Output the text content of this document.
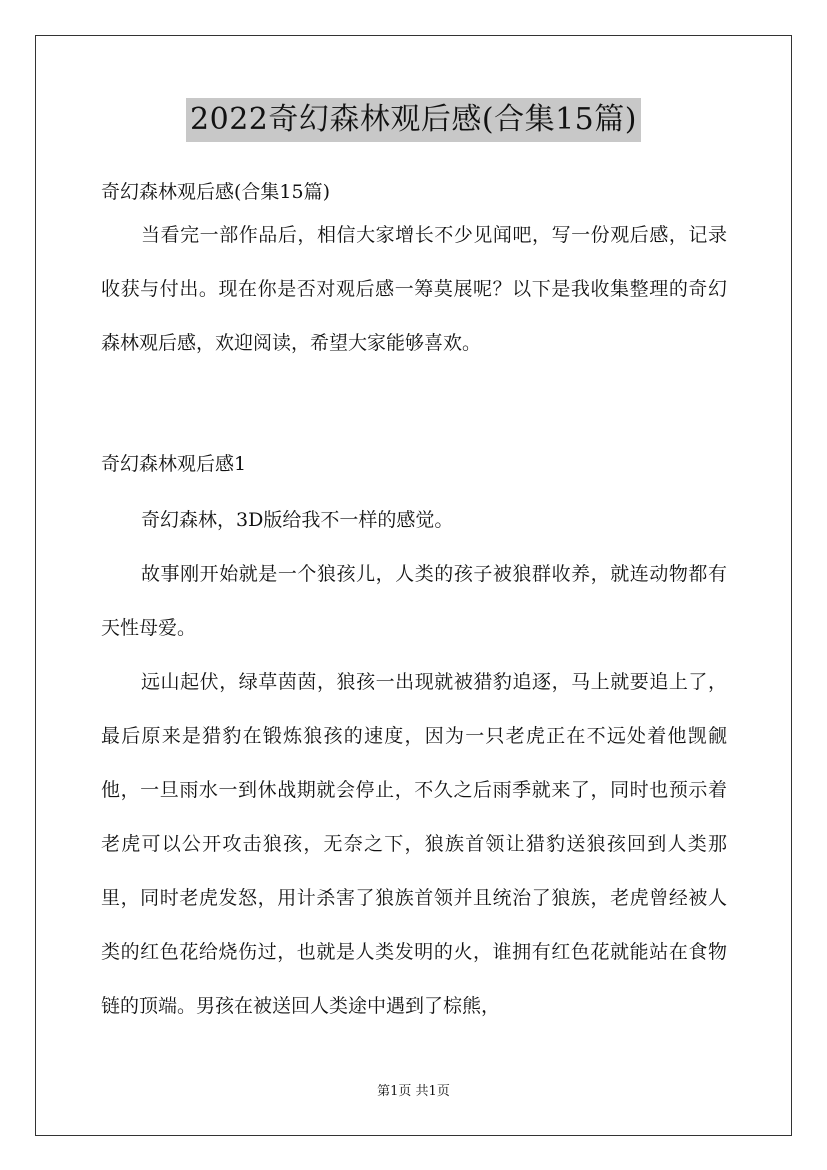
2022奇幻森林观后感(合集15篇)
奇幻森林观后感(合集15篇)

当看完一部作品后，相信大家增长不少见闻吧，写一份观后感，记录收获与付出。现在你是否对观后感一筹莫展呢？以下是我收集整理的奇幻森林观后感，欢迎阅读，希望大家能够喜欢。

奇幻森林观后感1

奇幻森林，3D版给我不一样的感觉。

故事刚开始就是一个狼孩儿，人类的孩子被狼群收养，就连动物都有天性母爱。

远山起伏，绿草茵茵，狼孩一出现就被猎豹追逐，马上就要追上了，最后原来是猎豹在锻炼狼孩的速度，因为一只老虎正在不远处着他觊觎他，一旦雨水一到休战期就会停止，不久之后雨季就来了，同时也预示着老虎可以公开攻击狼孩，无奈之下，狼族首领让猎豹送狼孩回到人类那里，同时老虎发怒，用计杀害了狼族首领并且统治了狼族，老虎曾经被人类的红色花给烧伤过，也就是人类发明的火，谁拥有红色花就能站在食物链的顶端。男孩在被送回人类途中遇到了棕熊，

第1页 共1页
